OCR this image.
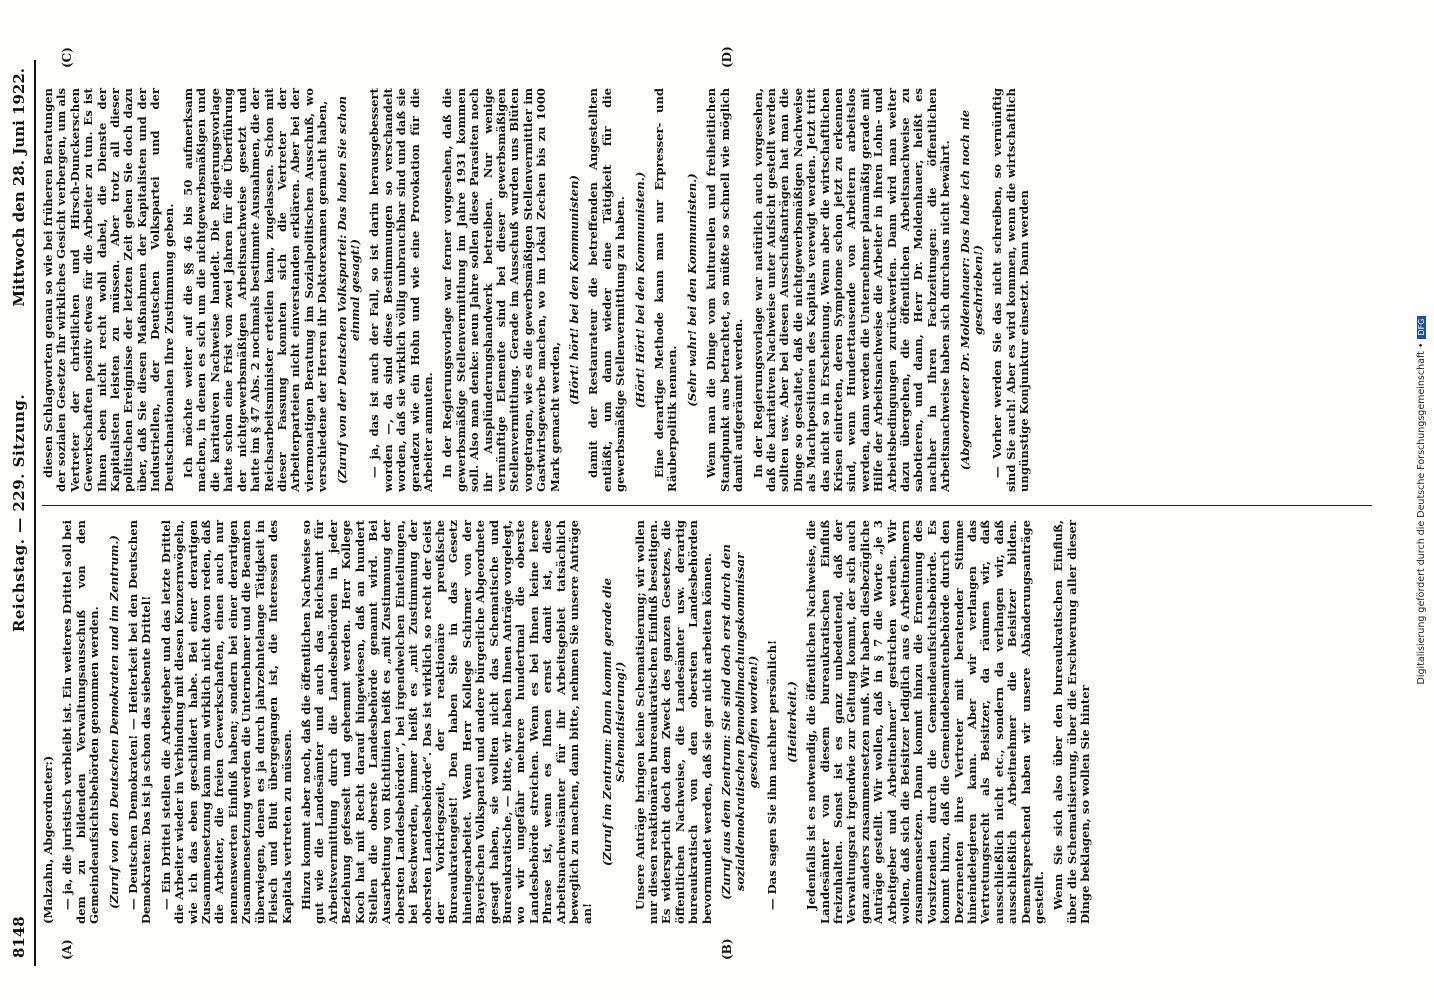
8148
Reichstag. — 229. Sitzung.
Mittwoch den 28. Juni 1922.
(A)	(B)
(C)	(D)

(Malzahn, Abgeordneter:) — ja, die juristisch verbleibt ist. Ein weiteres Drittel soll bei dem zu bildenden Verwaltungsausschuß von den Gemeindeaufsichtsbehörden genommen werden. (Zuruf von den Deutschen Demokraten und im Zentrum.) — Deutschen Demokraten! — Heiterkeit bei den Deutschen Demokraten: Das ist ja schon das siebente Drittel! — Ein Drittel stellen die Arbeitgeber und das letzte Drittel die Arbeiter wieder in Verbindung mit diesen Konzernwögeln, wie ich das eben geschildert habe. Bei einer derartigen Zusammensetzung kann man wirklich nicht davon reden, daß die Arbeiter, die freien Gewerkschaften, einen auch nur nennenswerten Einfluß haben; sondern bei einer derartigen Zusammensetzung werden die Unternehmer und die Beamten überwiegen, denen es ja durch jahrzehntelange Tätigkeit in Fleisch und Blut übergegangen ist, die Interessen des Kapitals vertreten zu müssen. Hinzu kommt aber noch, daß die öffentlichen Nachweise so gut wie die Landesämter und auch das Reichsamt für Arbeitsvermittlung durch die Landesbehörden in jeder Beziehung gefesselt und gehemmt werden. Herr Kollege Koch hat mit Recht darauf hingewiesen, daß an hundert Stellen die oberste Landesbehörde genannt wird. Bei Ausarbeitung von Richtlinien heißt es „mit Zustimmung der obersten Landesbehörden“, bei irgendwelchen Einteilungen, bei Beschwerden, immer heißt es „mit Zustimmung der obersten Landesbehörde“. Das ist wirklich so recht der Geist der Vorkriegszeit, der reaktionäre preußische Bureaukratengeist! Den haben Sie in das Gesetz hineingearbeitet. Wenn Herr Kollege Schirmer von der Bayerischen Volkspartei und andere bürgerliche Abgeordnete gesagt haben, sie wollten nicht das Schematische und Bureaukratische, — bitte, wir haben Ihnen Anträge vorgelegt, wo wir ungefähr mehrere hundertmal die oberste Landesbehörde streichen. Wenn es bei Ihnen keine leere Phrase ist, wenn es Ihnen ernst damit ist, diese Arbeitsnachweisämter für ihr Arbeitsgebiet tatsächlich beweglich zu machen, dann bitte, nehmen Sie unsere Anträge an!

(Zuruf im Zentrum: Dann kommt gerade die Schematisierung!) Unsere Anträge bringen keine Schematisierung; wir wollen nur diesen reaktionären bureaukratischen Einfluß beseitigen. Es widerspricht doch dem Zweck des ganzen Gesetzes, die öffentlichen Nachweise, die Landesämter usw. derartig bureaukratisch von den obersten Landesbehörden bevormundet werden, daß sie gar nicht arbeiten können. (Zuruf aus dem Zentrum: Sie sind doch erst durch den sozialdemokratischen Demobilmachungskommissar geschaffen worden!) — Das sagen Sie ihm nachher persönlich! (Heiterkeit.) Jedenfalls ist es notwendig, die öffentlichen Nachweise, die Landesämter von diesem bureaukratischen Einfluß freizuhalten. Sonst ist es ganz unbedeutend, daß der Verwaltungsrat irgendwie zur Geltung kommt, der sich auch ganz anders zusammensetzen muß. Wir haben diesbezügliche Anträge gestellt. Wir wollen, daß in § 7 die Worte „je 3 Arbeitgeber und Arbeitnehmer“ gestrichen werden. Wir wollen, daß sich die Beisitzer lediglich aus 6 Arbeitnehmern zusammensetzen. Dann kommt hinzu die Ernennung des Vorsitzenden durch die Gemeindeaufsichtsbehörde. Es kommt hinzu, daß die Gemeindebeamtenbehörde durch den Dezernenten ihre Vertreter mit beratender Stimme hineindelegieren kann. Aber wir verlangen das Vertretungsrecht als Beisitzer, da räumen wir, daß ausschließlich nicht etc., sondern da verlangen wir, daß ausschließlich Arbeitnehmer die Beisitzer bilden. Dementsprechend haben wir unsere Abänderungsanträge gestellt. Wenn Sie sich also über den bureaukratischen Einfluß, über die Schematisierung, über die Erschwerung aller dieser Dinge beklagen, so wollen Sie hinter

diesen Schlagworten genau so wie bei früheren Beratungen der sozialen Gesetze Ihr wirkliches Gesicht verbergen, um als Vertreter der christlichen und Hirsch-Dunckerschen Gewerkschaften positiv etwas für die Arbeiter zu tun. Es ist Ihnen eben nicht recht wohl dabei, die Dienste der Kapitalisten leisten zu müssen. Aber trotz all dieser politischen Ereignisse der letzten Zeit gehen Sie doch dazu über, daß Sie diesen Maßnahmen der Kapitalisten und der Industriellen, der Deutschen Volkspartei und der Deutschnationalen Ihre Zustimmung geben. Ich möchte weiter auf die §§ 46 bis 50 aufmerksam machen, in denen es sich um die nichtgewerbsmäßigen und die karitativen Nachweise handelt. Die Regierungsvorlage hatte schon eine Frist von zwei Jahren für die Überführung der nichtgewerbsmäßigen Arbeitsnachweise gesetzt und hatte im § 47 Abs. 2 nochmals bestimmte Ausnahmen, die der Reichsarbeitsminister erteilen kann, zugelassen. Schon mit dieser Fassung konnten sich die Vertreter der Arbeiterparteien nicht einverstanden erklären. Aber bei der viermonatigen Beratung im Sozialpolitischen Ausschuß, wo verschiedene der Herren ihr Doktorexamen gemacht haben, (Zuruf von der Deutschen Volkspartei: Das haben Sie schon einmal gesagt!) — ja, das ist auch der Fall, so ist darin herausgebessert worden —, da sind diese Bestimmungen so verschandelt worden, daß sie wirklich völlig unbrauchbar sind und daß sie geradezu wie ein Hohn und wie eine Provokation für die Arbeiter anmuten. In der Regierungsvorlage war ferner vorgesehen, daß die gewerbsmäßige Stellenvermittlung im Jahre 1931 kommen soll. Also man denke: neun Jahre sollen diese Parasiten noch ihr Ausplünderungshandwerk betreiben. Nur wenige vernünftige Elemente sind bei dieser gewerbsmäßigen Stellenvermittlung. Gerade im Ausschuß wurden uns Blüten vorgetragen, wie es die gewerbsmäßigen Stellenvermittler im Gastwirtsgewerbe machen, wo im Lokal Zechen bis zu 1000 Mark gemacht werden,

(Hört! hört! bei den Kommunisten) damit der Restaurateur die betreffenden Angestellten entläßt, um dann wieder eine Tätigkeit für die gewerbsmäßige Stellenvermittlung zu haben. (Hört! Hört! bei den Kommunisten.) Eine derartige Methode kann man nur Erpresser- und Räuberpolitik nennen.

(Sehr wahr! bei den Kommunisten.) Wenn man die Dinge vom kulturellen und freiheitlichen Standpunkt aus betrachtet, so müßte so schnell wie möglich damit aufgeräumt werden. In der Regierungsvorlage war natürlich auch vorgesehen, daß die karitativen Nachweise unter Aufsicht gestellt werden sollten usw. Aber bei diesen Ausschußanträgen hat man die Dinge so gestaltet, daß die nichtgewerbsmäßigen Nachweise als Machtpositionen des Kapitals verewigt werden. Jetzt tritt das nicht so in Erscheinung. Wenn aber die wirtschaftlichen Krisen eintreten, deren Symptome schon jetzt zu erkennen sind, wenn Hunderttausende von Arbeitern arbeitslos werden, dann werden die Unternehmer planmäßig gerade mit Hilfe der Arbeitsnachweise die Arbeiter in ihren Lohn- und Arbeitsbedingungen zurückwerfen. Dann wird man weiter dazu übergehen, die öffentlichen Arbeitsnachweise zu sabotieren, und dann, Herr Dr. Moldenhauer, heißt es nachher in Ihren Fachzeitungen: die öffentlichen Arbeitsnachweise haben sich durchaus nicht bewährt. (Abgeordneter Dr. Moldenhauer: Das habe ich noch nie geschrieben!) — Vorher werden Sie das nicht schreiben, so vernünftig sind Sie auch! Aber es wird kommen, wenn die wirtschaftlich ungünstige Konjunktur einsetzt. Dann werden

Digitalisierung gefördert durch die Deutsche Forschungsgemeinschaft •DFG
